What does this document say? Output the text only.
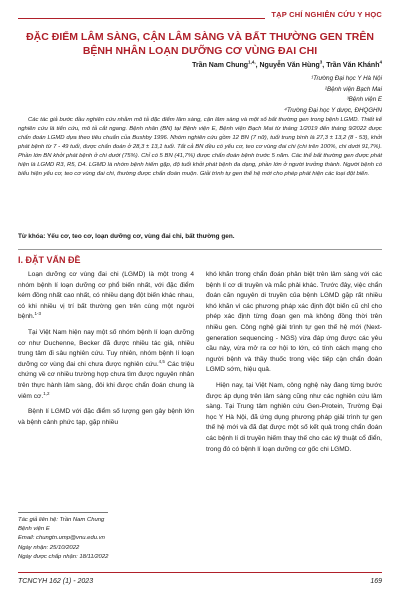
TẠP CHÍ NGHIÊN CỨU Y HỌC
ĐẶC ĐIỂM LÂM SÀNG, CẬN LÂM SÀNG VÀ BẤT THƯỜNG GEN TRÊN BỆNH NHÂN LOẠN DƯỠNG CƠ VÙNG ĐAI CHI
Trần Nam Chung$^{1,4,}$, Nguyễn Văn Hùng$^3$, Trần Văn Khánh$^4$
¹Trường Đại học Y Hà Nội
²Bệnh viện Bạch Mai
³Bệnh viện E
⁴Trường Đại học Y dược, ĐHQGHN

Các tác giả bước đầu nghiên cứu nhằm mô tả đặc điểm lâm sàng, cận lâm sàng và một số bất thường gen trong bệnh LGMD. Thiết kế nghiên cứu là tiến cứu, mô tả cắt ngang. Bệnh nhân (BN) tại Bệnh viện E, Bệnh viện Bạch Mai từ tháng 1/2019 đến tháng 9/2022 được chẩn đoán LGMD dựa theo tiêu chuẩn của Bushby 1996. Nhóm nghiên cứu gồm 12 BN (7 nữ), tuổi trung bình là 27,3 ± 13,2 (8 - 53), khởi phát bệnh từ 7 - 49 tuổi, được chẩn đoán ở 28,3 ± 13,1 tuổi. Tất cả BN đều có yếu cơ, teo cơ vùng đai chi (chi trên 100%, chi dưới 91,7%). Phần lớn BN khởi phát bệnh ở chi dưới (75%). Chỉ có 5 BN (41,7%) được chẩn đoán bệnh trước 5 năm. Các thể bất thường gen được phát hiện là LGMD R3, R5, D4. LGMD là nhóm bệnh hiếm gặp, độ tuổi khởi phát bệnh đa dạng, phần lớn ở người trưởng thành. Người bệnh có biểu hiện yếu cơ, teo cơ vùng đai chi, thường được chẩn đoán muộn. Giải trình tự gen thế hệ mới cho phép phát hiện các loại đột biến.

Từ khóa: Yếu cơ, teo cơ, loạn dưỡng cơ, vùng đai chi, bất thường gen.
I. ĐẶT VẤN ĐỀ

Loạn dưỡng cơ vùng đai chi (LGMD) là một trong 4 nhóm bệnh lí loạn dưỡng cơ phổ biến nhất, với đặc điểm kém đồng nhất cao nhất, có nhiều dạng đột biến khác nhau, có khi nhiều vị trí bất thường gen trên cùng một người bệnh.$^{1-3}$

Tại Việt Nam hiện nay một số nhóm bệnh lí loạn dưỡng cơ như Duchenne, Becker đã được nhiều tác giả, nhiều trung tâm đi sâu nghiên cứu. Tuy nhiên, nhóm bệnh lí loạn dưỡng cơ vùng đai chi chưa được nghiên cứu.$^{4,5}$ Các triệu chứng về cơ nhiều trường hợp chưa tìm được nguyên nhân trên thực hành lâm sàng, đôi khi được chẩn đoán chung là viêm cơ.$^{1,2}$

Bệnh lí LGMD với đặc điểm số lượng gen gây bệnh lớn và bệnh cảnh phức tạp, gặp nhiều

khó khăn trong chẩn đoán phân biệt trên lâm sàng với các bệnh lí cơ di truyền và mắc phải khác. Trước đây, việc chẩn đoán căn nguyên di truyền của bệnh LGMD gặp rất nhiều khó khăn vì các phương pháp xác định đột biến cũ chỉ cho phép xác định từng đoạn gen mà không đồng thời trên nhiều gen. Công nghệ giải trình tự gen thế hệ mới (Next-generation sequencing - NGS) vừa đáp ứng được các yêu cầu này, vừa mở ra cơ hội to lớn, có tính cách mạng cho người bệnh và thầy thuốc trong việc tiếp cận chẩn đoán LGMD sớm, hiệu quả.

Hiện nay, tại Việt Nam, công nghệ này đang từng bước được áp dụng trên lâm sàng cũng như các nghiên cứu lâm sàng. Tại Trung tâm nghiên cứu Gen-Protein, Trường Đại học Y Hà Nội, đã ứng dụng phương pháp giải trình tự gen thế hệ mới và đã đạt được một số kết quả trong chẩn đoán các bệnh lí di truyền hiếm thay thế cho các kỹ thuật cổ điển, trong đó có bệnh lí loạn dưỡng cơ gốc chi LGMD.

Tác giả liên hệ: Trần Nam Chung
Bệnh viện E
Email: chungtn.ump@vnu.edu.vn
Ngày nhận: 25/10/2022
Ngày được chấp nhận: 18/11/2022
TCNCYH 162 (1) - 2023	169
